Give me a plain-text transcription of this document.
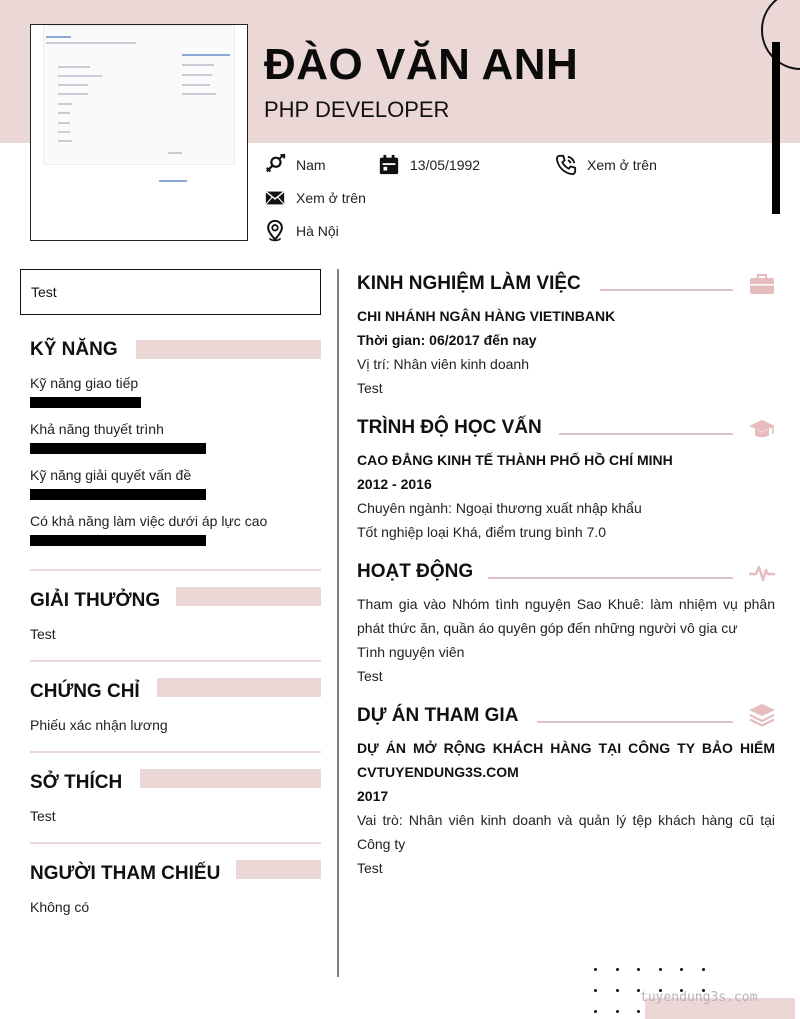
ĐÀO VĂN ANH
PHP DEVELOPER
Nam	13/05/1992	Xem ở trên
Xem ở trên
Hà Nội
Test
KỸ NĂNG
Kỹ năng giao tiếp
Khả năng thuyết trình
Kỹ năng giải quyết vấn đề
Có khả năng làm việc dưới áp lực cao
GIẢI THƯỞNG
Test
CHỨNG CHỈ
Phiếu xác nhận lương
SỞ THÍCH
Test
NGƯỜI THAM CHIẾU
Không có
KINH NGHIỆM LÀM VIỆC
CHI NHÁNH NGÂN HÀNG VIETINBANK
Thời gian: 06/2017 đến nay
Vị trí: Nhân viên kinh doanh
Test
TRÌNH ĐỘ HỌC VẤN
CAO ĐẲNG KINH TẾ THÀNH PHỐ HỒ CHÍ MINH
2012 - 2016
Chuyên ngành: Ngoại thương xuất nhập khẩu
Tốt nghiệp loại Khá, điểm trung bình 7.0
HOẠT ĐỘNG
Tham gia vào Nhóm tình nguyện Sao Khuê: làm nhiệm vụ phân phát thức ăn, quần áo quyên góp đến những người vô gia cư
Tình nguyện viên
Test
DỰ ÁN THAM GIA
DỰ ÁN MỞ RỘNG KHÁCH HÀNG TẠI CÔNG TY BẢO HIỂM CVTUYENDUNG3S.COM
2017
Vai trò: Nhân viên kinh doanh và quản lý tệp khách hàng cũ tại Công ty
Test
tuyendung3s.com
